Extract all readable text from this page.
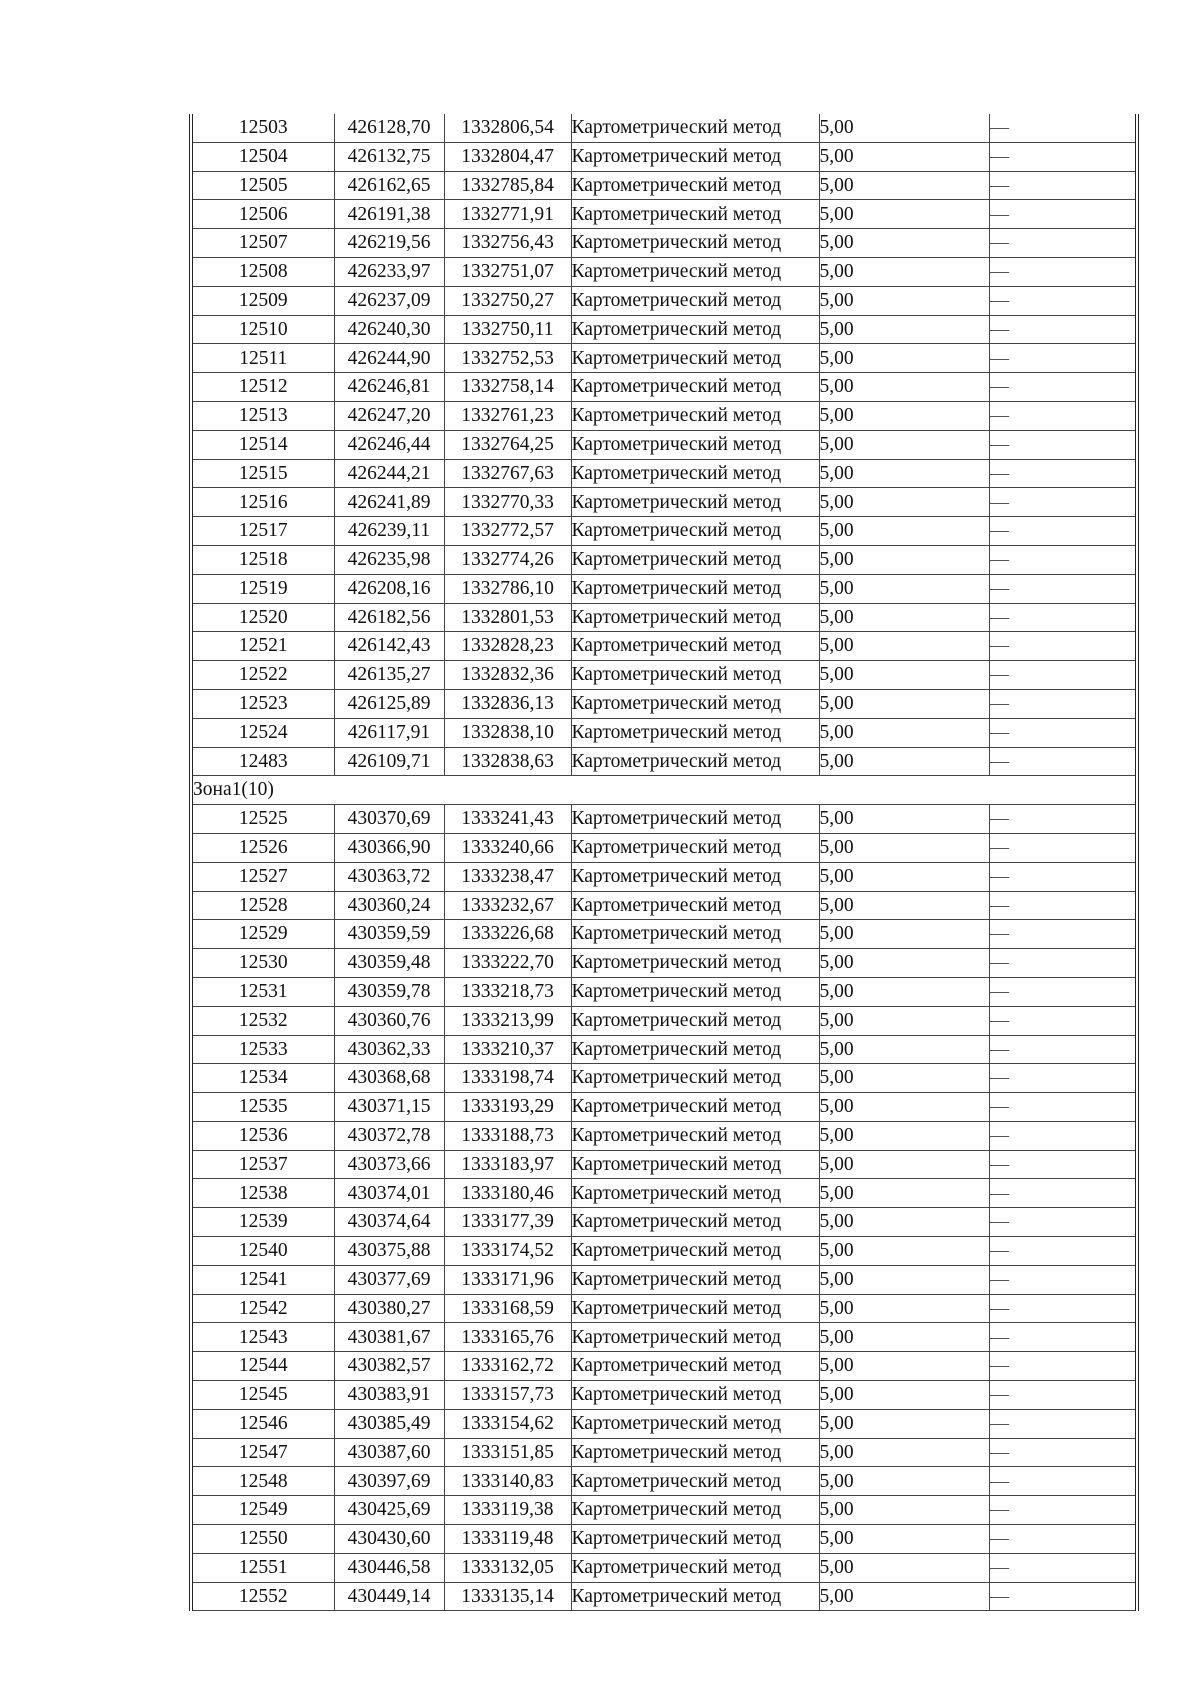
12503	426128,70	1332806,54	Картометрический метод	5,00	—
12504	426132,75	1332804,47	Картометрический метод	5,00	—
12505	426162,65	1332785,84	Картометрический метод	5,00	—
12506	426191,38	1332771,91	Картометрический метод	5,00	—
12507	426219,56	1332756,43	Картометрический метод	5,00	—
12508	426233,97	1332751,07	Картометрический метод	5,00	—
12509	426237,09	1332750,27	Картометрический метод	5,00	—
12510	426240,30	1332750,11	Картометрический метод	5,00	—
12511	426244,90	1332752,53	Картометрический метод	5,00	—
12512	426246,81	1332758,14	Картометрический метод	5,00	—
12513	426247,20	1332761,23	Картометрический метод	5,00	—
12514	426246,44	1332764,25	Картометрический метод	5,00	—
12515	426244,21	1332767,63	Картометрический метод	5,00	—
12516	426241,89	1332770,33	Картометрический метод	5,00	—
12517	426239,11	1332772,57	Картометрический метод	5,00	—
12518	426235,98	1332774,26	Картометрический метод	5,00	—
12519	426208,16	1332786,10	Картометрический метод	5,00	—
12520	426182,56	1332801,53	Картометрический метод	5,00	—
12521	426142,43	1332828,23	Картометрический метод	5,00	—
12522	426135,27	1332832,36	Картометрический метод	5,00	—
12523	426125,89	1332836,13	Картометрический метод	5,00	—
12524	426117,91	1332838,10	Картометрический метод	5,00	—
12483	426109,71	1332838,63	Картометрический метод	5,00	—
Зона1(10)					
12525	430370,69	1333241,43	Картометрический метод	5,00	—
12526	430366,90	1333240,66	Картометрический метод	5,00	—
12527	430363,72	1333238,47	Картометрический метод	5,00	—
12528	430360,24	1333232,67	Картометрический метод	5,00	—
12529	430359,59	1333226,68	Картометрический метод	5,00	—
12530	430359,48	1333222,70	Картометрический метод	5,00	—
12531	430359,78	1333218,73	Картометрический метод	5,00	—
12532	430360,76	1333213,99	Картометрический метод	5,00	—
12533	430362,33	1333210,37	Картометрический метод	5,00	—
12534	430368,68	1333198,74	Картометрический метод	5,00	—
12535	430371,15	1333193,29	Картометрический метод	5,00	—
12536	430372,78	1333188,73	Картометрический метод	5,00	—
12537	430373,66	1333183,97	Картометрический метод	5,00	—
12538	430374,01	1333180,46	Картометрический метод	5,00	—
12539	430374,64	1333177,39	Картометрический метод	5,00	—
12540	430375,88	1333174,52	Картометрический метод	5,00	—
12541	430377,69	1333171,96	Картометрический метод	5,00	—
12542	430380,27	1333168,59	Картометрический метод	5,00	—
12543	430381,67	1333165,76	Картометрический метод	5,00	—
12544	430382,57	1333162,72	Картометрический метод	5,00	—
12545	430383,91	1333157,73	Картометрический метод	5,00	—
12546	430385,49	1333154,62	Картометрический метод	5,00	—
12547	430387,60	1333151,85	Картометрический метод	5,00	—
12548	430397,69	1333140,83	Картометрический метод	5,00	—
12549	430425,69	1333119,38	Картометрический метод	5,00	—
12550	430430,60	1333119,48	Картометрический метод	5,00	—
12551	430446,58	1333132,05	Картометрический метод	5,00	—
12552	430449,14	1333135,14	Картометрический метод	5,00	—
